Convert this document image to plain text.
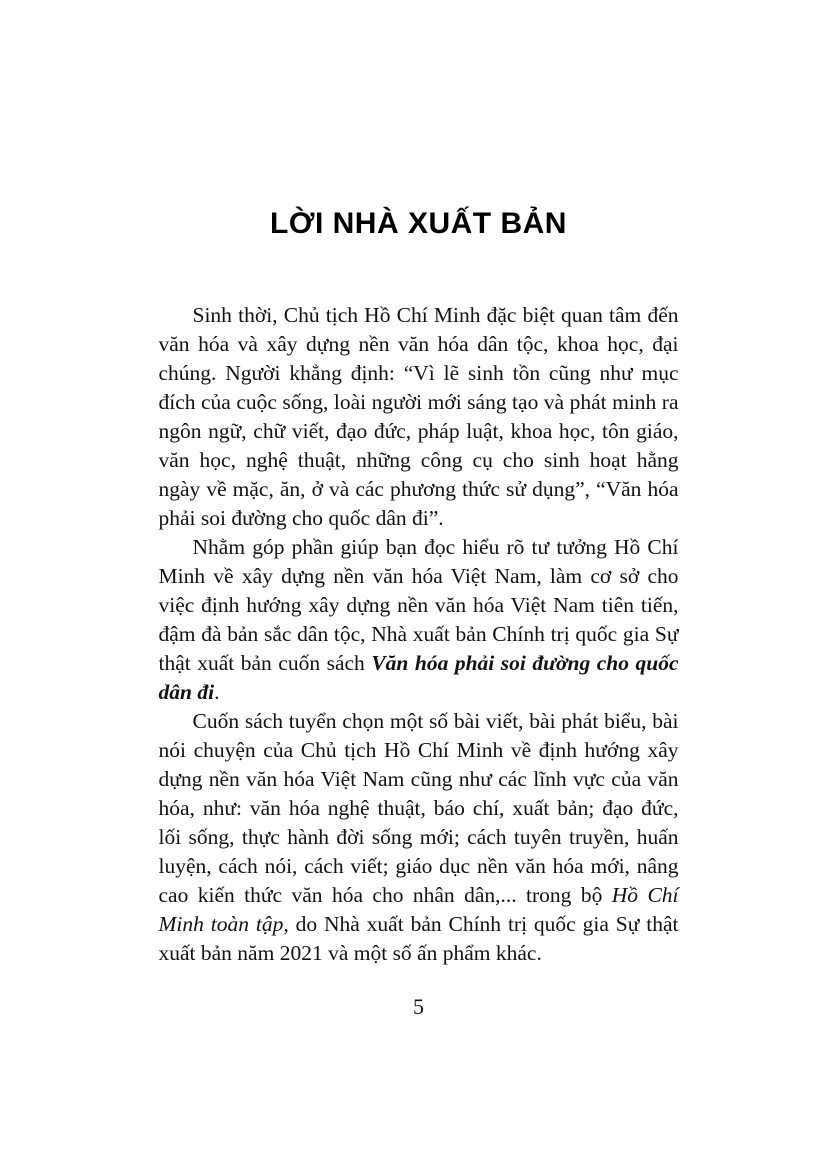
LỜI NHÀ XUẤT BẢN

Sinh thời, Chủ tịch Hồ Chí Minh đặc biệt quan tâm đến văn hóa và xây dựng nền văn hóa dân tộc, khoa học, đại chúng. Người khẳng định: “Vì lẽ sinh tồn cũng như mục đích của cuộc sống, loài người mới sáng tạo và phát minh ra ngôn ngữ, chữ viết, đạo đức, pháp luật, khoa học, tôn giáo, văn học, nghệ thuật, những công cụ cho sinh hoạt hằng ngày về mặc, ăn, ở và các phương thức sử dụng”, “Văn hóa phải soi đường cho quốc dân đi”.

Nhằm góp phần giúp bạn đọc hiểu rõ tư tưởng Hồ Chí Minh về xây dựng nền văn hóa Việt Nam, làm cơ sở cho việc định hướng xây dựng nền văn hóa Việt Nam tiên tiến, đậm đà bản sắc dân tộc, Nhà xuất bản Chính trị quốc gia Sự thật xuất bản cuốn sách Văn hóa phải soi đường cho quốc dân đi.

Cuốn sách tuyển chọn một số bài viết, bài phát biểu, bài nói chuyện của Chủ tịch Hồ Chí Minh về định hướng xây dựng nền văn hóa Việt Nam cũng như các lĩnh vực của văn hóa, như: văn hóa nghệ thuật, báo chí, xuất bản; đạo đức, lối sống, thực hành đời sống mới; cách tuyên truyền, huấn luyện, cách nói, cách viết; giáo dục nền văn hóa mới, nâng cao kiến thức văn hóa cho nhân dân,... trong bộ Hồ Chí Minh toàn tập, do Nhà xuất bản Chính trị quốc gia Sự thật xuất bản năm 2021 và một số ấn phẩm khác.

5
